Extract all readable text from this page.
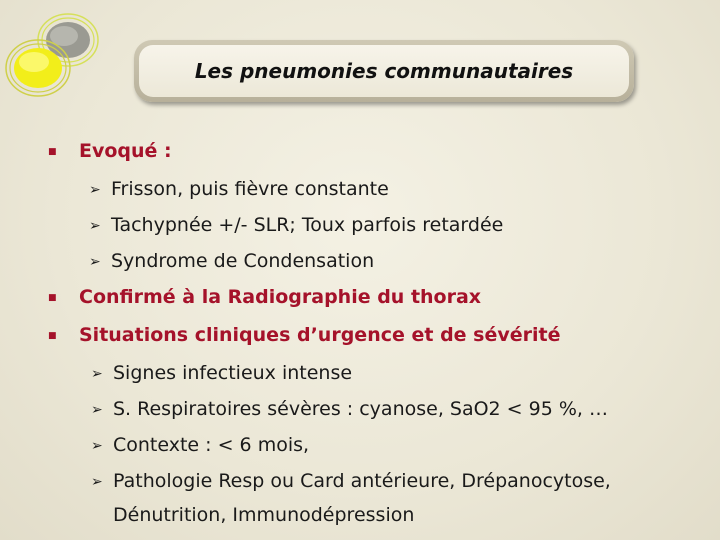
Les pneumonies communautaires
■ Evoqué :
➢ Frisson, puis fièvre constante
➢ Tachypnée +/- SLR; Toux parfois retardée
➢ Syndrome de Condensation
■ Confirmé à la Radiographie du thorax
■ Situations cliniques d’urgence et de sévérité
➢ Signes infectieux intense
➢ S. Respiratoires sévères : cyanose, SaO2 < 95 %, …
➢ Contexte : < 6 mois,
➢ Pathologie Resp ou Card antérieure, Drépanocytose,
Dénutrition, Immunodépression
